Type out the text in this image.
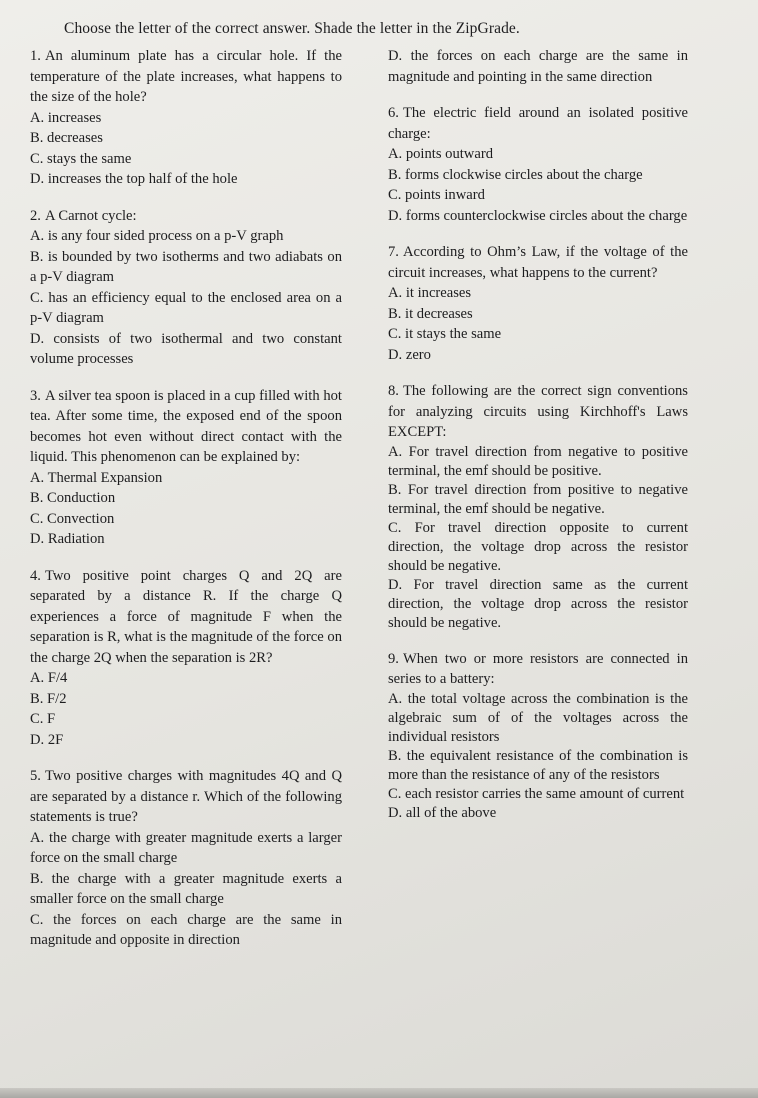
Choose the letter of the correct answer. Shade the letter in the ZipGrade.
1. An aluminum plate has a circular hole. If the temperature of the plate increases, what happens to the size of the hole?
A. increases
B. decreases
C. stays the same
D. increases the top half of the hole
2. A Carnot cycle:
A. is any four sided process on a p-V graph
B. is bounded by two isotherms and two adiabats on a p-V diagram
C. has an efficiency equal to the enclosed area on a p-V diagram
D. consists of two isothermal and two constant volume processes
3. A silver tea spoon is placed in a cup filled with hot tea. After some time, the exposed end of the spoon becomes hot even without direct contact with the liquid. This phenomenon can be explained by:
A. Thermal Expansion
B. Conduction
C. Convection
D. Radiation
4. Two positive point charges Q and 2Q are separated by a distance R. If the charge Q experiences a force of magnitude F when the separation is R, what is the magnitude of the force on the charge 2Q when the separation is 2R?
A. F/4
B. F/2
C. F
D. 2F
5. Two positive charges with magnitudes 4Q and Q are separated by a distance r. Which of the following statements is true?
A. the charge with greater magnitude exerts a larger force on the small charge
B. the charge with a greater magnitude exerts a smaller force on the small charge
C. the forces on each charge are the same in magnitude and opposite in direction
D. the forces on each charge are the same in magnitude and pointing in the same direction
6. The electric field around an isolated positive charge:
A. points outward
B. forms clockwise circles about the charge
C. points inward
D. forms counterclockwise circles about the charge
7. According to Ohm’s Law, if the voltage of the circuit increases, what happens to the current?
A. it increases
B. it decreases
C. it stays the same
D. zero
8. The following are the correct sign conventions for analyzing circuits using Kirchhoff's Laws EXCEPT:
A. For travel direction from negative to positive terminal, the emf should be positive.
B. For travel direction from positive to negative terminal, the emf should be negative.
C. For travel direction opposite to current direction, the voltage drop across the resistor should be negative.
D. For travel direction same as the current direction, the voltage drop across the resistor should be negative.
9. When two or more resistors are connected in series to a battery:
A. the total voltage across the combination is the algebraic sum of of the voltages across the individual resistors
B. the equivalent resistance of the combination is more than the resistance of any of the resistors
C. each resistor carries the same amount of current
D. all of the above
